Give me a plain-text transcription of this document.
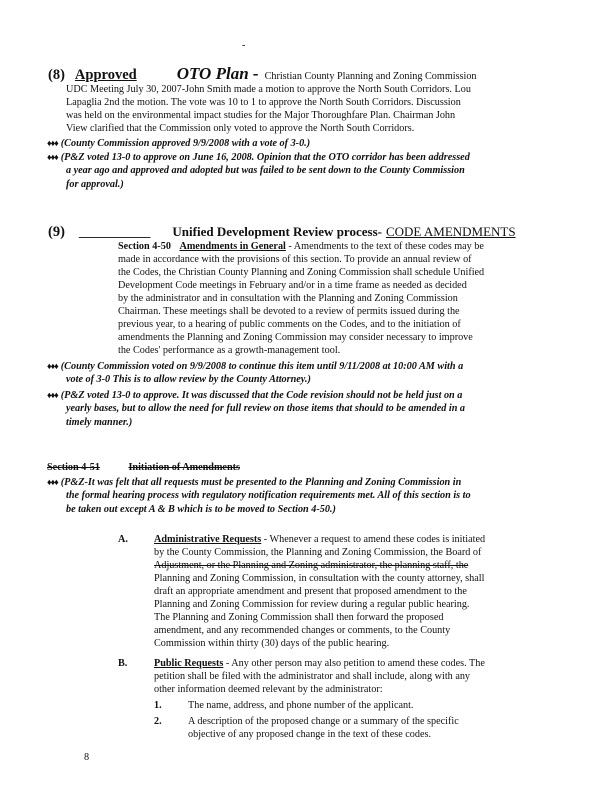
-
(8) Approved OTO Plan - Christian County Planning and Zoning Commission
UDC Meeting July 30, 2007-John Smith made a motion to approve the North South Corridors. Lou
Lapaglia 2nd the motion. The vote was 10 to 1 to approve the North South Corridors. Discussion
was held on the environmental impact studies for the Major Thoroughfare Plan. Chairman John
View clarified that the Commission only voted to approve the North South Corridors.
♦♦♦ (County Commission approved 9/9/2008 with a vote of 3-0.)
♦♦♦ (P&Z voted 13-0 to approve on June 16, 2008. Opinion that the OTO corridor has been addressed
a year ago and approved and adopted but was failed to be sent down to the County Commission
for approval.)
(9) ___________ Unified Development Review process- CODE AMENDMENTS
Section 4-50 Amendments in General - Amendments to the text of these codes may be
made in accordance with the provisions of this section. To provide an annual review of
the Codes, the Christian County Planning and Zoning Commission shall schedule Unified
Development Code meetings in February and/or in a time frame as needed as decided
by the administrator and in consultation with the Planning and Zoning Commission
Chairman. These meetings shall be devoted to a review of permits issued during the
previous year, to a hearing of public comments on the Codes, and to the initiation of
amendments the Planning and Zoning Commission may consider necessary to improve
the Codes' performance as a growth-management tool.
♦♦♦ (County Commission voted on 9/9/2008 to continue this item until 9/11/2008 at 10:00 AM with a
vote of 3-0 This is to allow review by the County Attorney.)
♦♦♦ (P&Z voted 13-0 to approve. It was discussed that the Code revision should not be held just on a
yearly bases, but to allow the need for full review on those items that should to be amended in a
timely manner.)
Section 4-51	Initiation of Amendments
♦♦♦ (P&Z-It was felt that all requests must be presented to the Planning and Zoning Commission in
the formal hearing process with regulatory notification requirements met. All of this section is to
be taken out except A & B which is to be moved to Section 4-50.)
A.	Administrative Requests - Whenever a request to amend these codes is initiated
by the County Commission, the Planning and Zoning Commission, the Board of
Adjustment, or the Planning and Zoning administrator, the planning staff, the
Planning and Zoning Commission, in consultation with the county attorney, shall
draft an appropriate amendment and present that proposed amendment to the
Planning and Zoning Commission for review during a regular public hearing.
The Planning and Zoning Commission shall then forward the proposed
amendment, and any recommended changes or comments, to the County
Commission within thirty (30) days of the public hearing.
B.	Public Requests - Any other person may also petition to amend these codes. The
petition shall be filed with the administrator and shall include, along with any
other information deemed relevant by the administrator:
1.	The name, address, and phone number of the applicant.
2.	A description of the proposed change or a summary of the specific
objective of any proposed change in the text of these codes.
8
